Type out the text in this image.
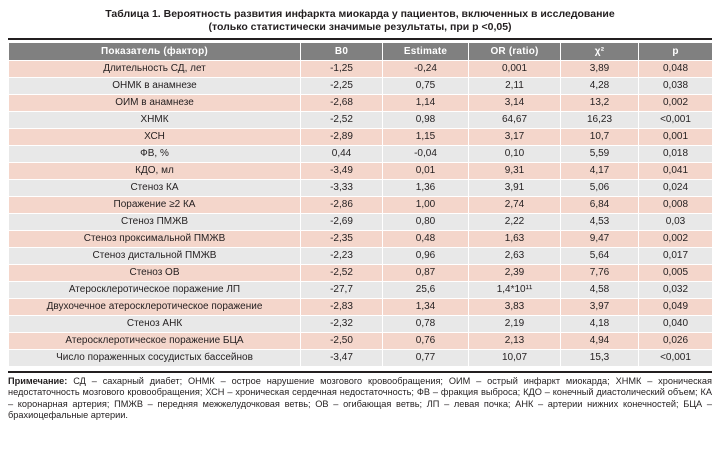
Таблица 1. Вероятность развития инфаркта миокарда у пациентов, включенных в исследование
(только статистически значимые результаты, при р <0,05)
Показатель (фактор)	B0	Estimate	OR (ratio)	χ²	p
Длительность СД, лет	-1,25	-0,24	0,001	3,89	0,048
ОНМК в анамнезе	-2,25	0,75	2,11	4,28	0,038
ОИМ в анамнезе	-2,68	1,14	3,14	13,2	0,002
ХНМК	-2,52	0,98	64,67	16,23	<0,001
ХСН	-2,89	1,15	3,17	10,7	0,001
ФВ, %	0,44	-0,04	0,10	5,59	0,018
КДО, мл	-3,49	0,01	9,31	4,17	0,041
Стеноз КА	-3,33	1,36	3,91	5,06	0,024
Поражение ≥2 КА	-2,86	1,00	2,74	6,84	0,008
Стеноз ПМЖВ	-2,69	0,80	2,22	4,53	0,03
Стеноз проксимальной ПМЖВ	-2,35	0,48	1,63	9,47	0,002
Стеноз дистальной ПМЖВ	-2,23	0,96	2,63	5,64	0,017
Стеноз ОВ	-2,52	0,87	2,39	7,76	0,005
Атеросклеротическое поражение ЛП	-27,7	25,6	1,4*10¹¹	4,58	0,032
Двухочечное атеросклеротическое поражение	-2,83	1,34	3,83	3,97	0,049
Стеноз АНК	-2,32	0,78	2,19	4,18	0,040
Атеросклеротическое поражение БЦА	-2,50	0,76	2,13	4,94	0,026
Число пораженных сосудистых бассейнов	-3,47	0,77	10,07	15,3	<0,001
Примечание: СД – сахарный диабет; ОНМК – острое нарушение мозгового кровообращения; ОИМ – острый инфаркт миокарда; ХНМК – хроническая недостаточность мозгового кровообращения; ХСН – хроническая сердечная недостаточность; ФВ – фракция выброса; КДО – конечный диастолический объем; КА – коронарная артерия; ПМЖВ – передняя межжелудочковая ветвь; ОВ – огибающая ветвь; ЛП – левая почка; АНК – артерии нижних конечностей; БЦА – брахиоцефальные артерии.
